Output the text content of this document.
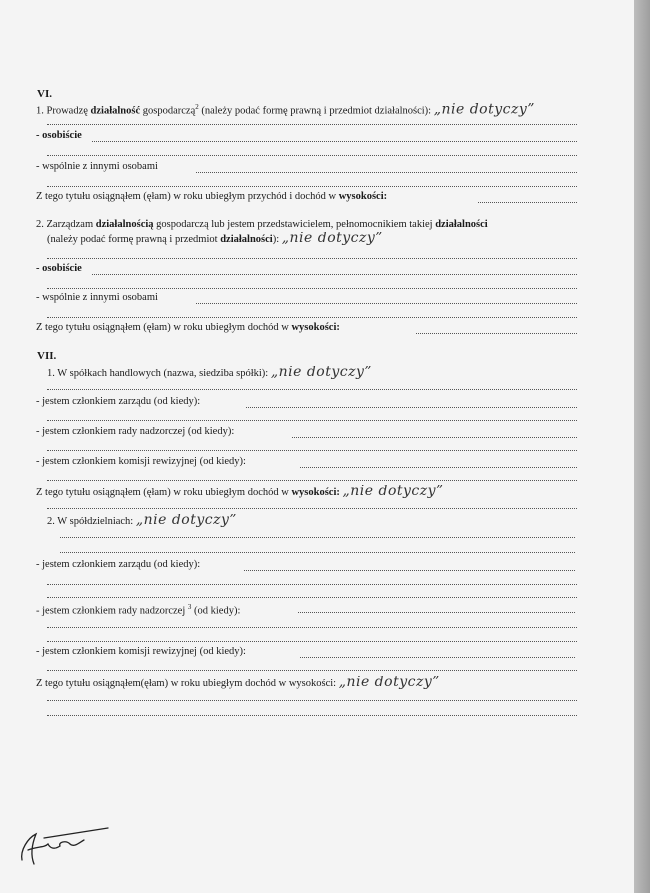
VI.
1. Prowadzę działalność gospodarczą$^2$ (należy podać formę prawną i przedmiot działalności): „nie dotyczy”
- osobiście
- wspólnie z innymi osobami
Z tego tytułu osiągnąłem (ęłam) w roku ubiegłym przychód i dochód w wysokości:
2. Zarządzam działalnością gospodarczą lub jestem przedstawicielem, pełnomocnikiem takiej działalności
(należy podać formę prawną i przedmiot działalności): „nie dotyczy”
- osobiście
- wspólnie z innymi osobami
Z tego tytułu osiągnąłem (ęłam) w roku ubiegłym dochód w wysokości:
VII.
1. W spółkach handlowych (nazwa, siedziba spółki): „nie dotyczy”
- jestem członkiem zarządu (od kiedy):
- jestem członkiem rady nadzorczej (od kiedy):
- jestem członkiem komisji rewizyjnej (od kiedy):
Z tego tytułu osiągnąłem (ęłam) w roku ubiegłym dochód w wysokości: „nie dotyczy”
2. W spółdzielniach: „nie dotyczy”
- jestem członkiem zarządu (od kiedy):
- jestem członkiem rady nadzorczej $^3$ (od kiedy):
- jestem członkiem komisji rewizyjnej (od kiedy):
Z tego tytułu osiągnąłem(ęłam) w roku ubiegłym dochód w wysokości: „nie dotyczy”
